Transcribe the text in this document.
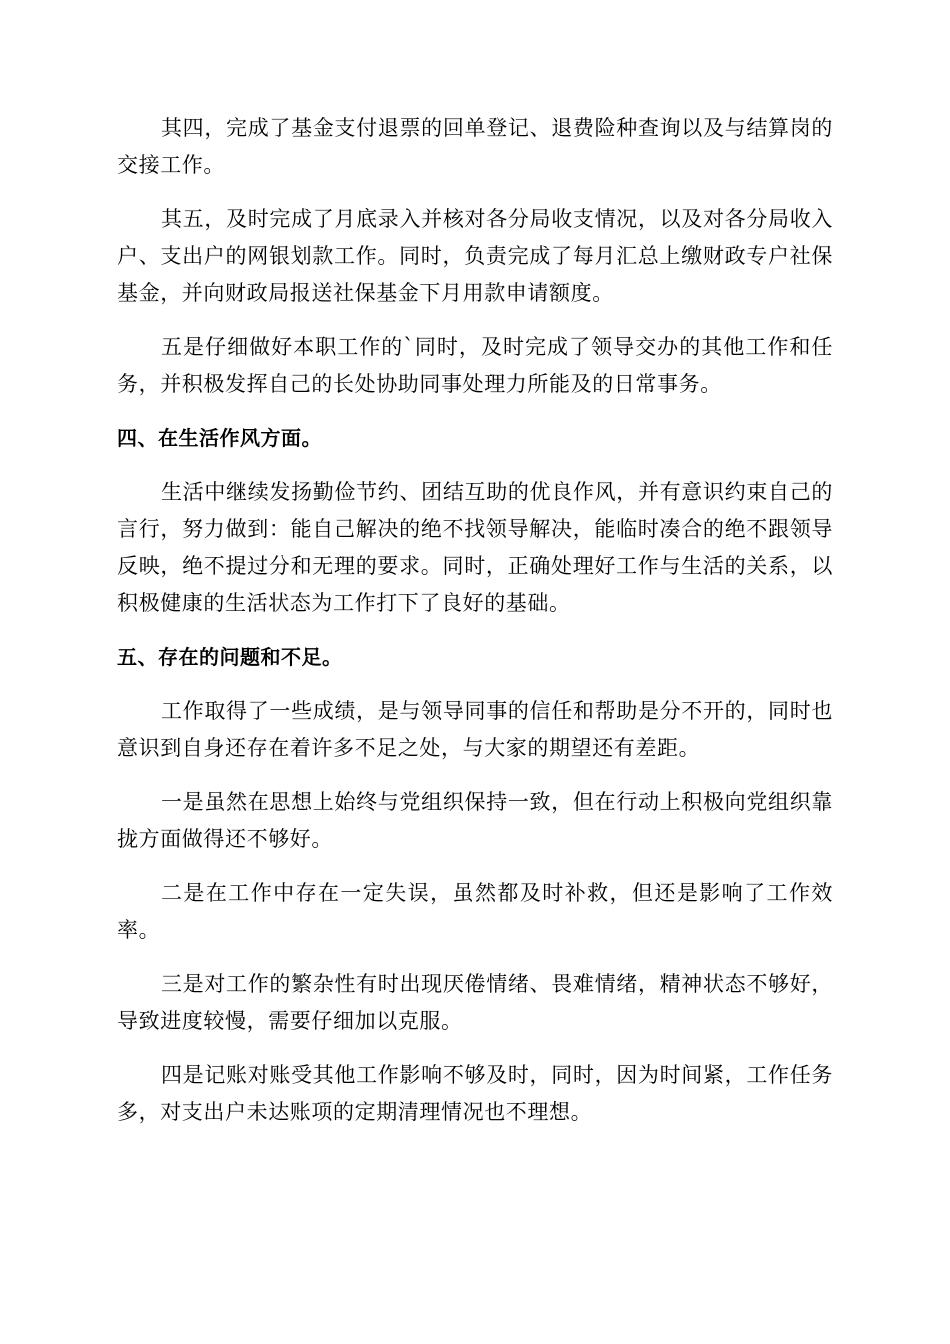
其四，完成了基金支付退票的回单登记、退费险种查询以及与结算岗的交接工作。

其五，及时完成了月底录入并核对各分局收支情况，以及对各分局收入户、支出户的网银划款工作。同时，负责完成了每月汇总上缴财政专户社保基金，并向财政局报送社保基金下月用款申请额度。

五是仔细做好本职工作的`同时，及时完成了领导交办的其他工作和任务，并积极发挥自己的长处协助同事处理力所能及的日常事务。

四、在生活作风方面。

生活中继续发扬勤俭节约、团结互助的优良作风，并有意识约束自己的言行，努力做到：能自己解决的绝不找领导解决，能临时凑合的绝不跟领导反映，绝不提过分和无理的要求。同时，正确处理好工作与生活的关系，以积极健康的生活状态为工作打下了良好的基础。

五、存在的问题和不足。

工作取得了一些成绩，是与领导同事的信任和帮助是分不开的，同时也意识到自身还存在着许多不足之处，与大家的期望还有差距。

一是虽然在思想上始终与党组织保持一致，但在行动上积极向党组织靠拢方面做得还不够好。

二是在工作中存在一定失误，虽然都及时补救，但还是影响了工作效率。

三是对工作的繁杂性有时出现厌倦情绪、畏难情绪，精神状态不够好，导致进度较慢，需要仔细加以克服。

四是记账对账受其他工作影响不够及时，同时，因为时间紧，工作任务多，对支出户未达账项的定期清理情况也不理想。
